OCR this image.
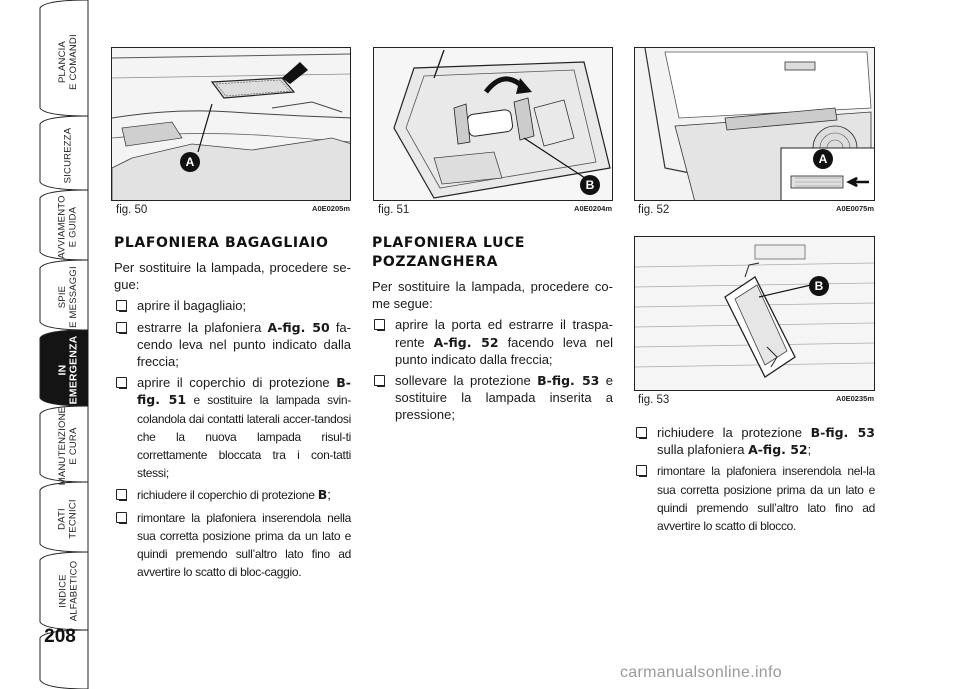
PLANCIA
E COMANDI
SICUREZZA
AVVIAMENTO
E GUIDA
SPIE
E MESSAGGI
IN
EMERGENZA
MANUTENZIONE
E CURA
DATI
TECNICI
INDICE
ALFABETICO
208
A
fig. 50	A0E0205m
B
fig. 51	A0E0204m
A
fig. 52	A0E0075m
B
fig. 53	A0E0235m
PLAFONIERA BAGAGLIAIO
Per sostituire la lampada, procedere se-gue:
aprire il bagagliaio;
estrarre la plafoniera A-fig. 50 fa-cendo leva nel punto indicato dalla freccia;
aprire il coperchio di protezione B-fig. 51 e sostituire la lampada svin-colandola dai contatti laterali accer-tandosi che la nuova lampada risul-ti correttamente bloccata tra i con-tatti stessi;
richiudere il coperchio di protezione B;
rimontare la plafoniera inserendola nella sua corretta posizione prima da un lato e quindi premendo sull’altro lato fino ad avvertire lo scatto di bloc-caggio.
PLAFONIERA LUCE
POZZANGHERA
Per sostituire la lampada, procedere co-me segue:
aprire la porta ed estrarre il traspa-rente A-fig. 52 facendo leva nel punto indicato dalla freccia;
sollevare la protezione B-fig. 53 e sostituire la lampada inserita a pressione;
richiudere la protezione B-fig. 53 sulla plafoniera A-fig. 52;
rimontare la plafoniera inserendola nel-la sua corretta posizione prima da un lato e quindi premendo sull’altro lato fino ad avvertire lo scatto di blocco.
carmanualsonline.info
